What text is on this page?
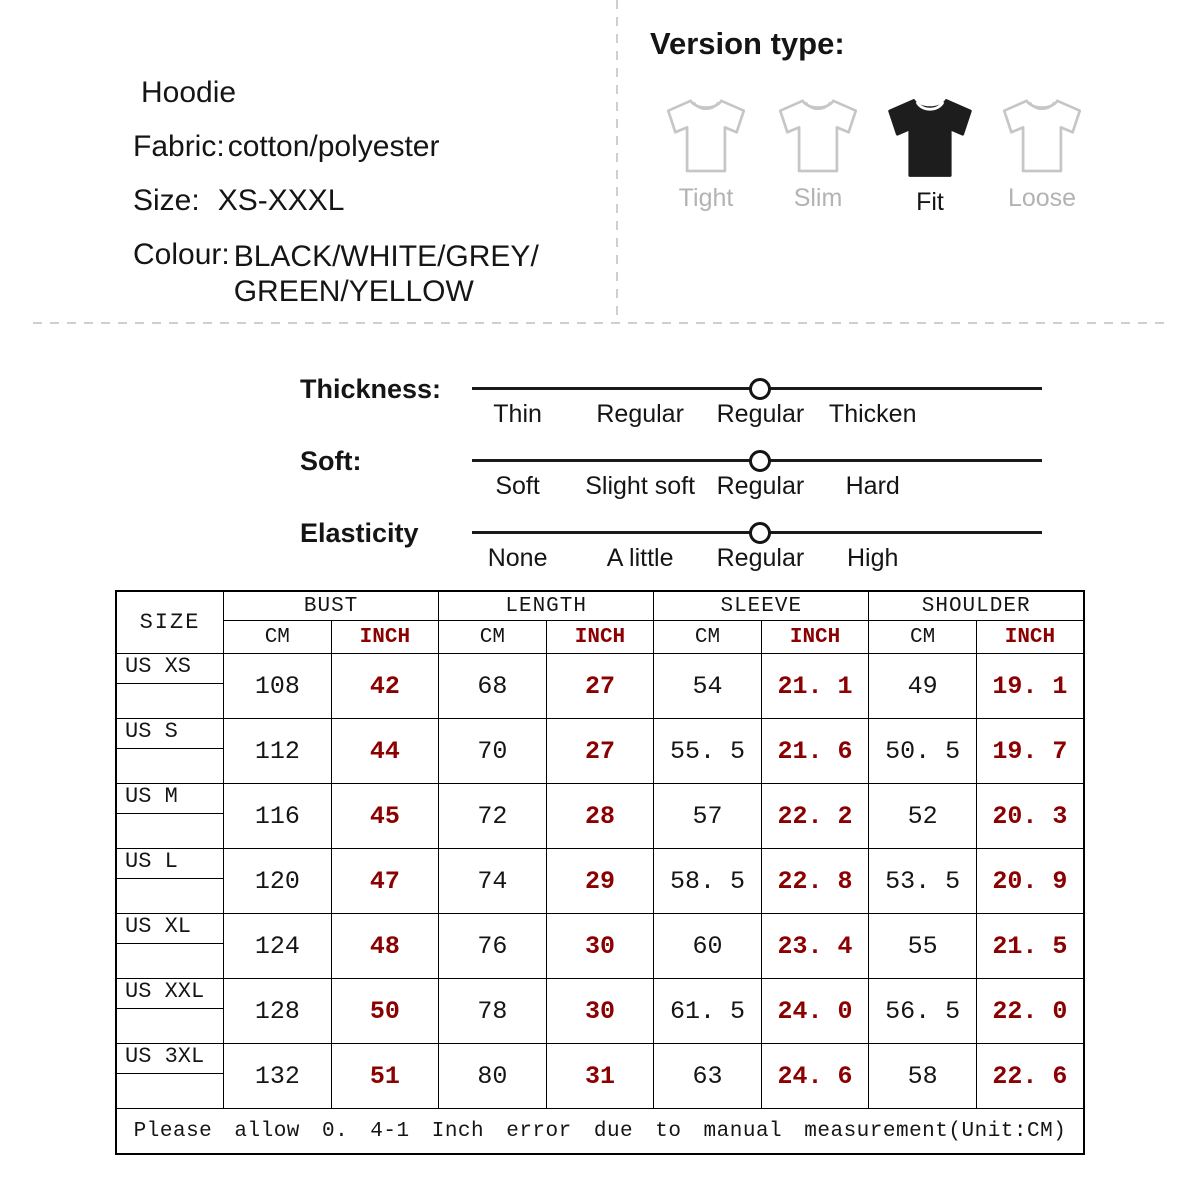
Hoodie
Fabric: cotton/polyester
Size: XS-XXXL
Colour: BLACK/WHITE/GREY/
GREEN/YELLOW
Version type:
Tight Slim	Fit	Loose
Thickness:
Thin Regular Regular Thicken
Soft:
Soft Slight soft Regular Hard
Elasticity
None A little Regular High
SIZE	BUST		LENGTH		SLEEVE		SHOULDER	
	CM	INCH	CM	INCH	CM	INCH	CM	INCH

US XS	108	42	68	27	54	21. 1	49	19. 1

US S	112	44	70	27	55. 5	21. 6	50. 5	19. 7

US M	116	45	72	28	57	22. 2	52	20. 3

US L	120	47	74	29	58. 5	22. 8	53. 5	20. 9

US XL	124	48	76	30	60	23. 4	55	21. 5

US XXL	128	50	78	30	61. 5	24. 0	56. 5	22. 0

US 3XL	132	51	80	31	63	24. 6	58	22. 6
Please allow 0. 4-1 Inch error due to manual measurement(Unit:CM)								
